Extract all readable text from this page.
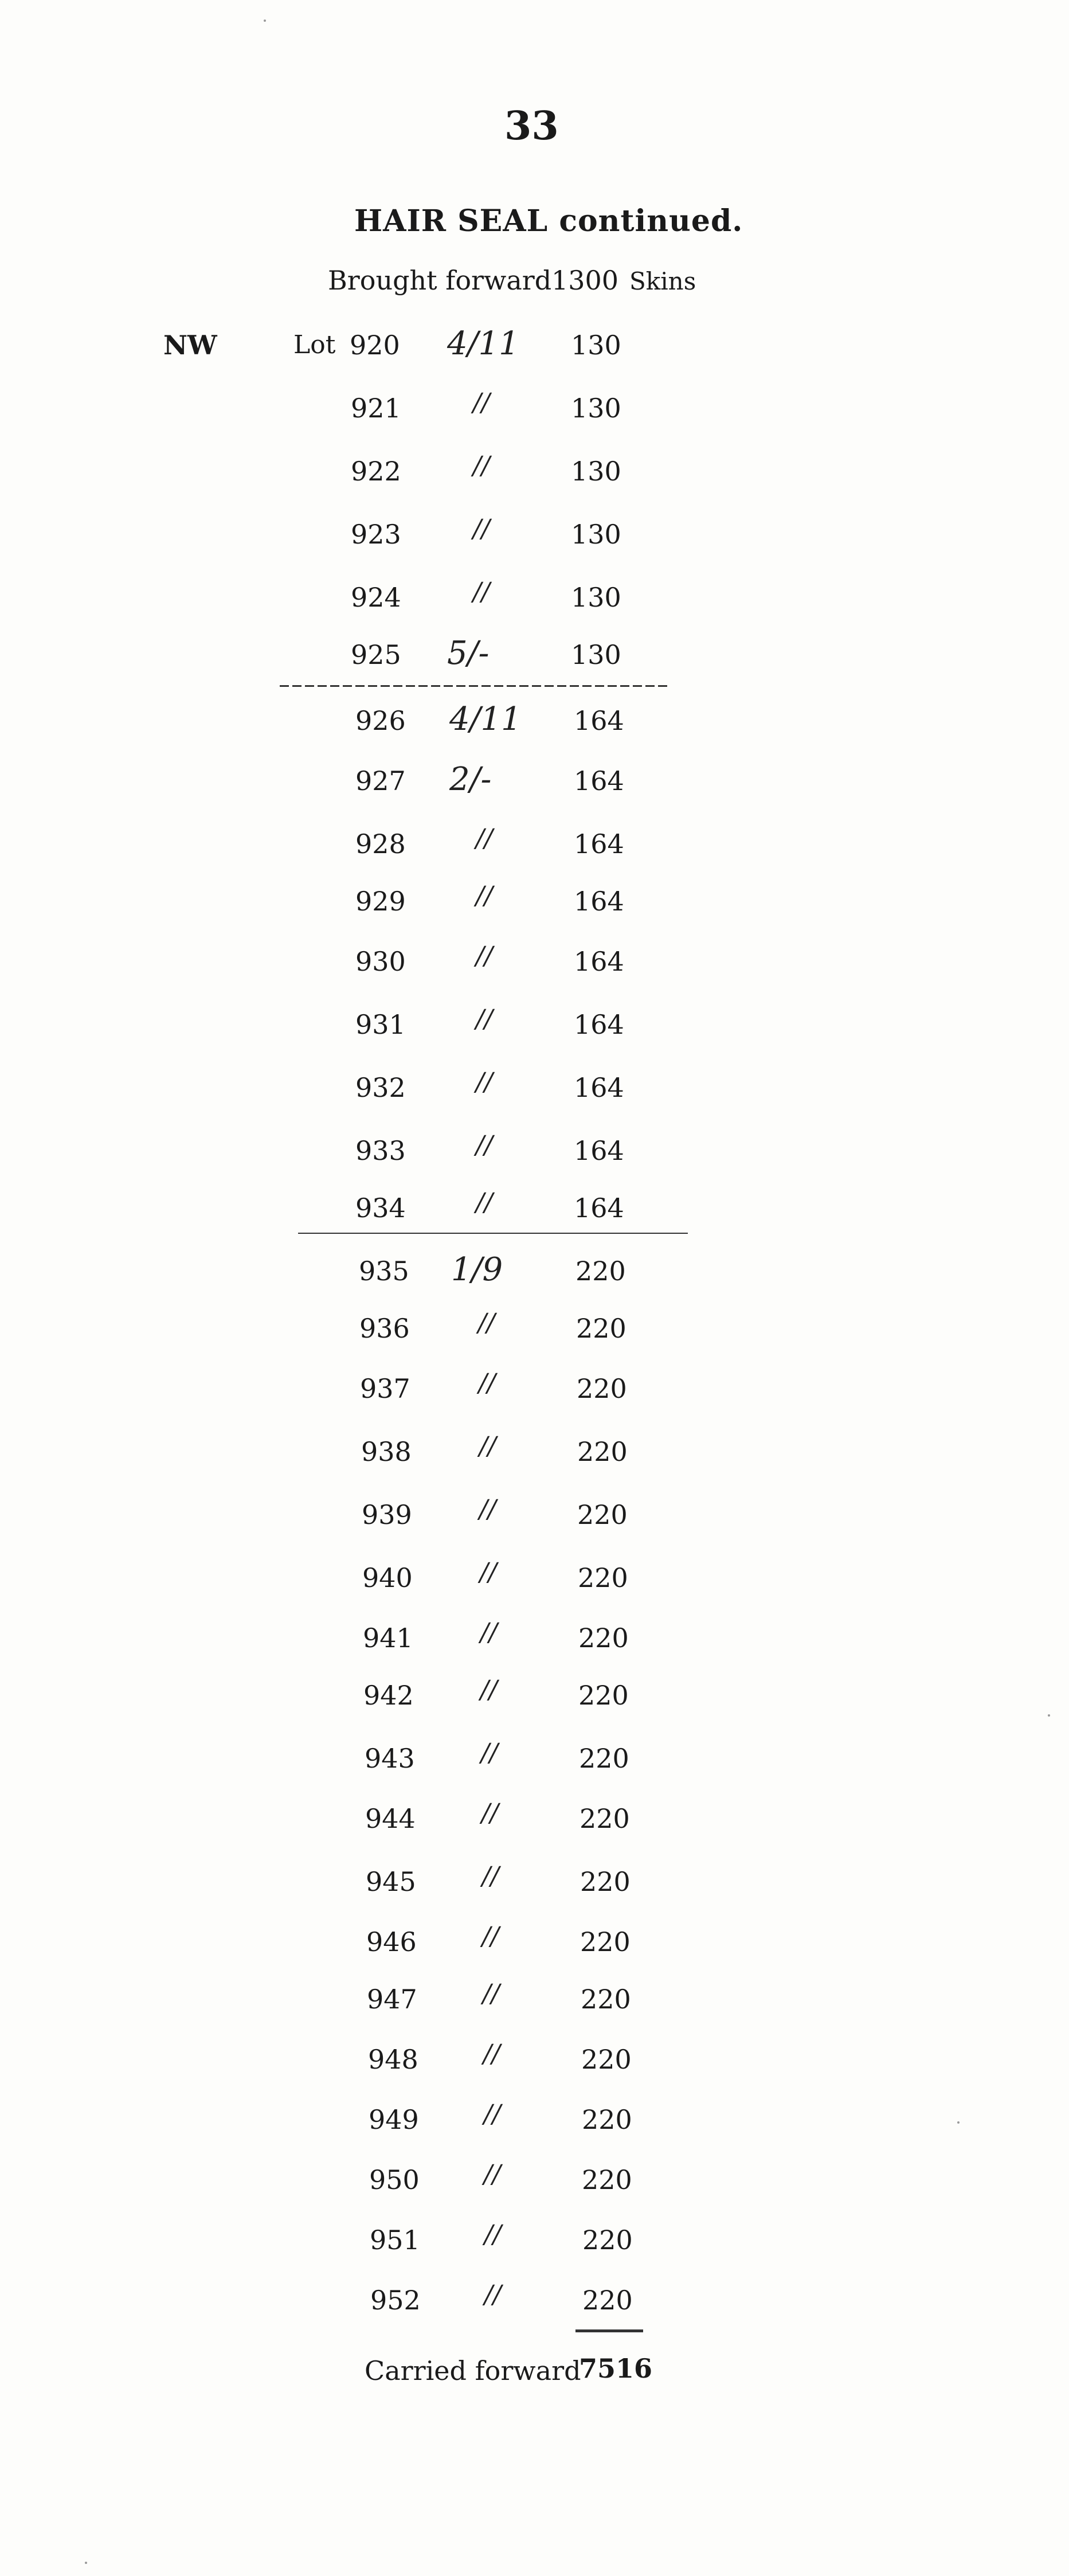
33
HAIR SEAL continued.
Brought forward 1300 Skins
NW	Lot 920 4/11 130
921	//	130
922	//	130
923	//	130
924	//	130
925 5/-	130
926 4/11 164
927 2/-	164
928	//	164
929	//	164
930	//	164
931	//	164
932	//	164
933	//	164
934	//	164
935 1/9	220
936	//	220
937	//	220
938	//	220
939	//	220
940	//	220
941	//	220
942	//	220
943	//	220
944	//	220
945	//	220
946	//	220
947	//	220
948	//	220
949	//	220
950	//	220
951	//	220
952	//	220
Carried forward
7516
